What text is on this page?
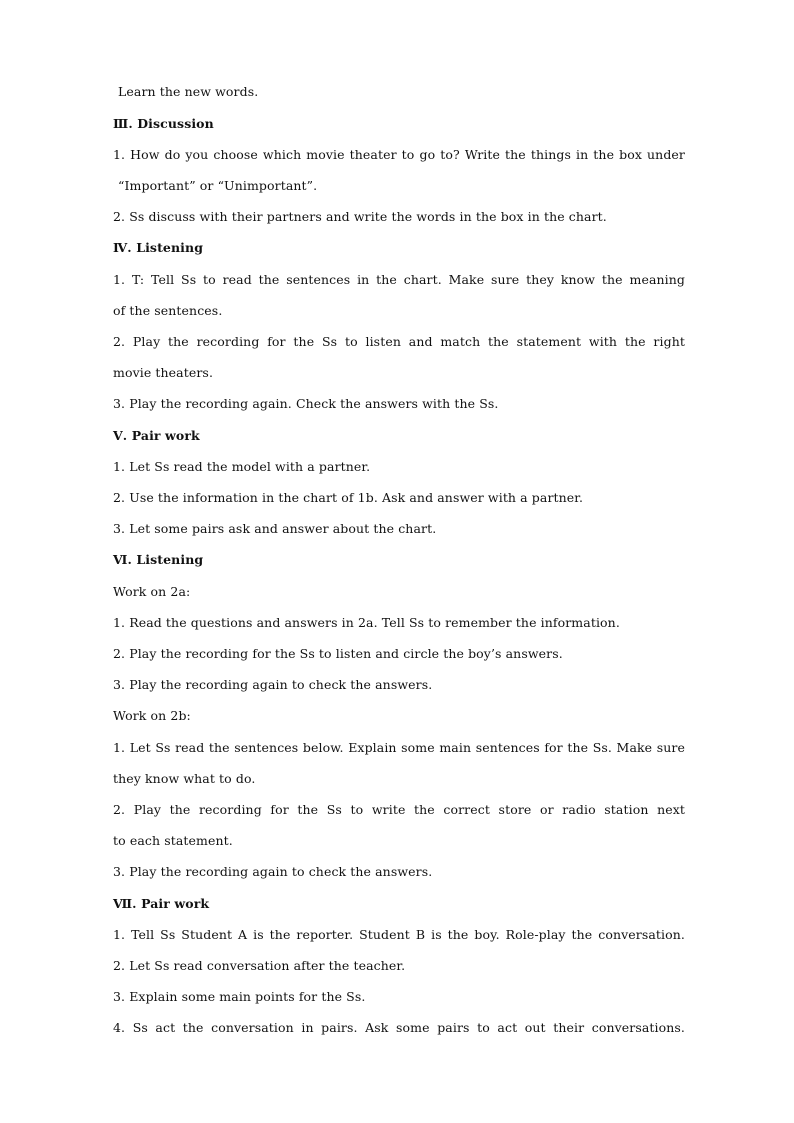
Learn the new words.
Ⅲ. Discussion
1. How do you choose which movie theater to go to? Write the things in the box under
“Important” or “Unimportant”.
2. Ss discuss with their partners and write the words in the box in the chart.
Ⅳ. Listening
1. T: Tell Ss to read the sentences in the chart. Make sure they know the meaning
of the sentences.
2. Play the recording for the Ss to listen and match the statement with the right
movie theaters.
3. Play the recording again. Check the answers with the Ss.
Ⅴ. Pair work
1. Let Ss read the model with a partner.
2. Use the information in the chart of 1b. Ask and answer with a partner.
3. Let some pairs ask and answer about the chart.
Ⅵ. Listening
Work on 2a:
1. Read the questions and answers in 2a. Tell Ss to remember the information.
2. Play the recording for the Ss to listen and circle the boy’s answers.
3. Play the recording again to check the answers.
Work on 2b:
1. Let Ss read the sentences below. Explain some main sentences for the Ss. Make sure
they know what to do.
2. Play the recording for the Ss to write the correct store or radio station next
to each statement.
3. Play the recording again to check the answers.
Ⅶ. Pair work
1. Tell Ss Student A is the reporter. Student B is the boy. Role-play the conversation.
2. Let Ss read conversation after the teacher.
3. Explain some main points for the Ss.
4. Ss act the conversation in pairs. Ask some pairs to act out their conversations.
